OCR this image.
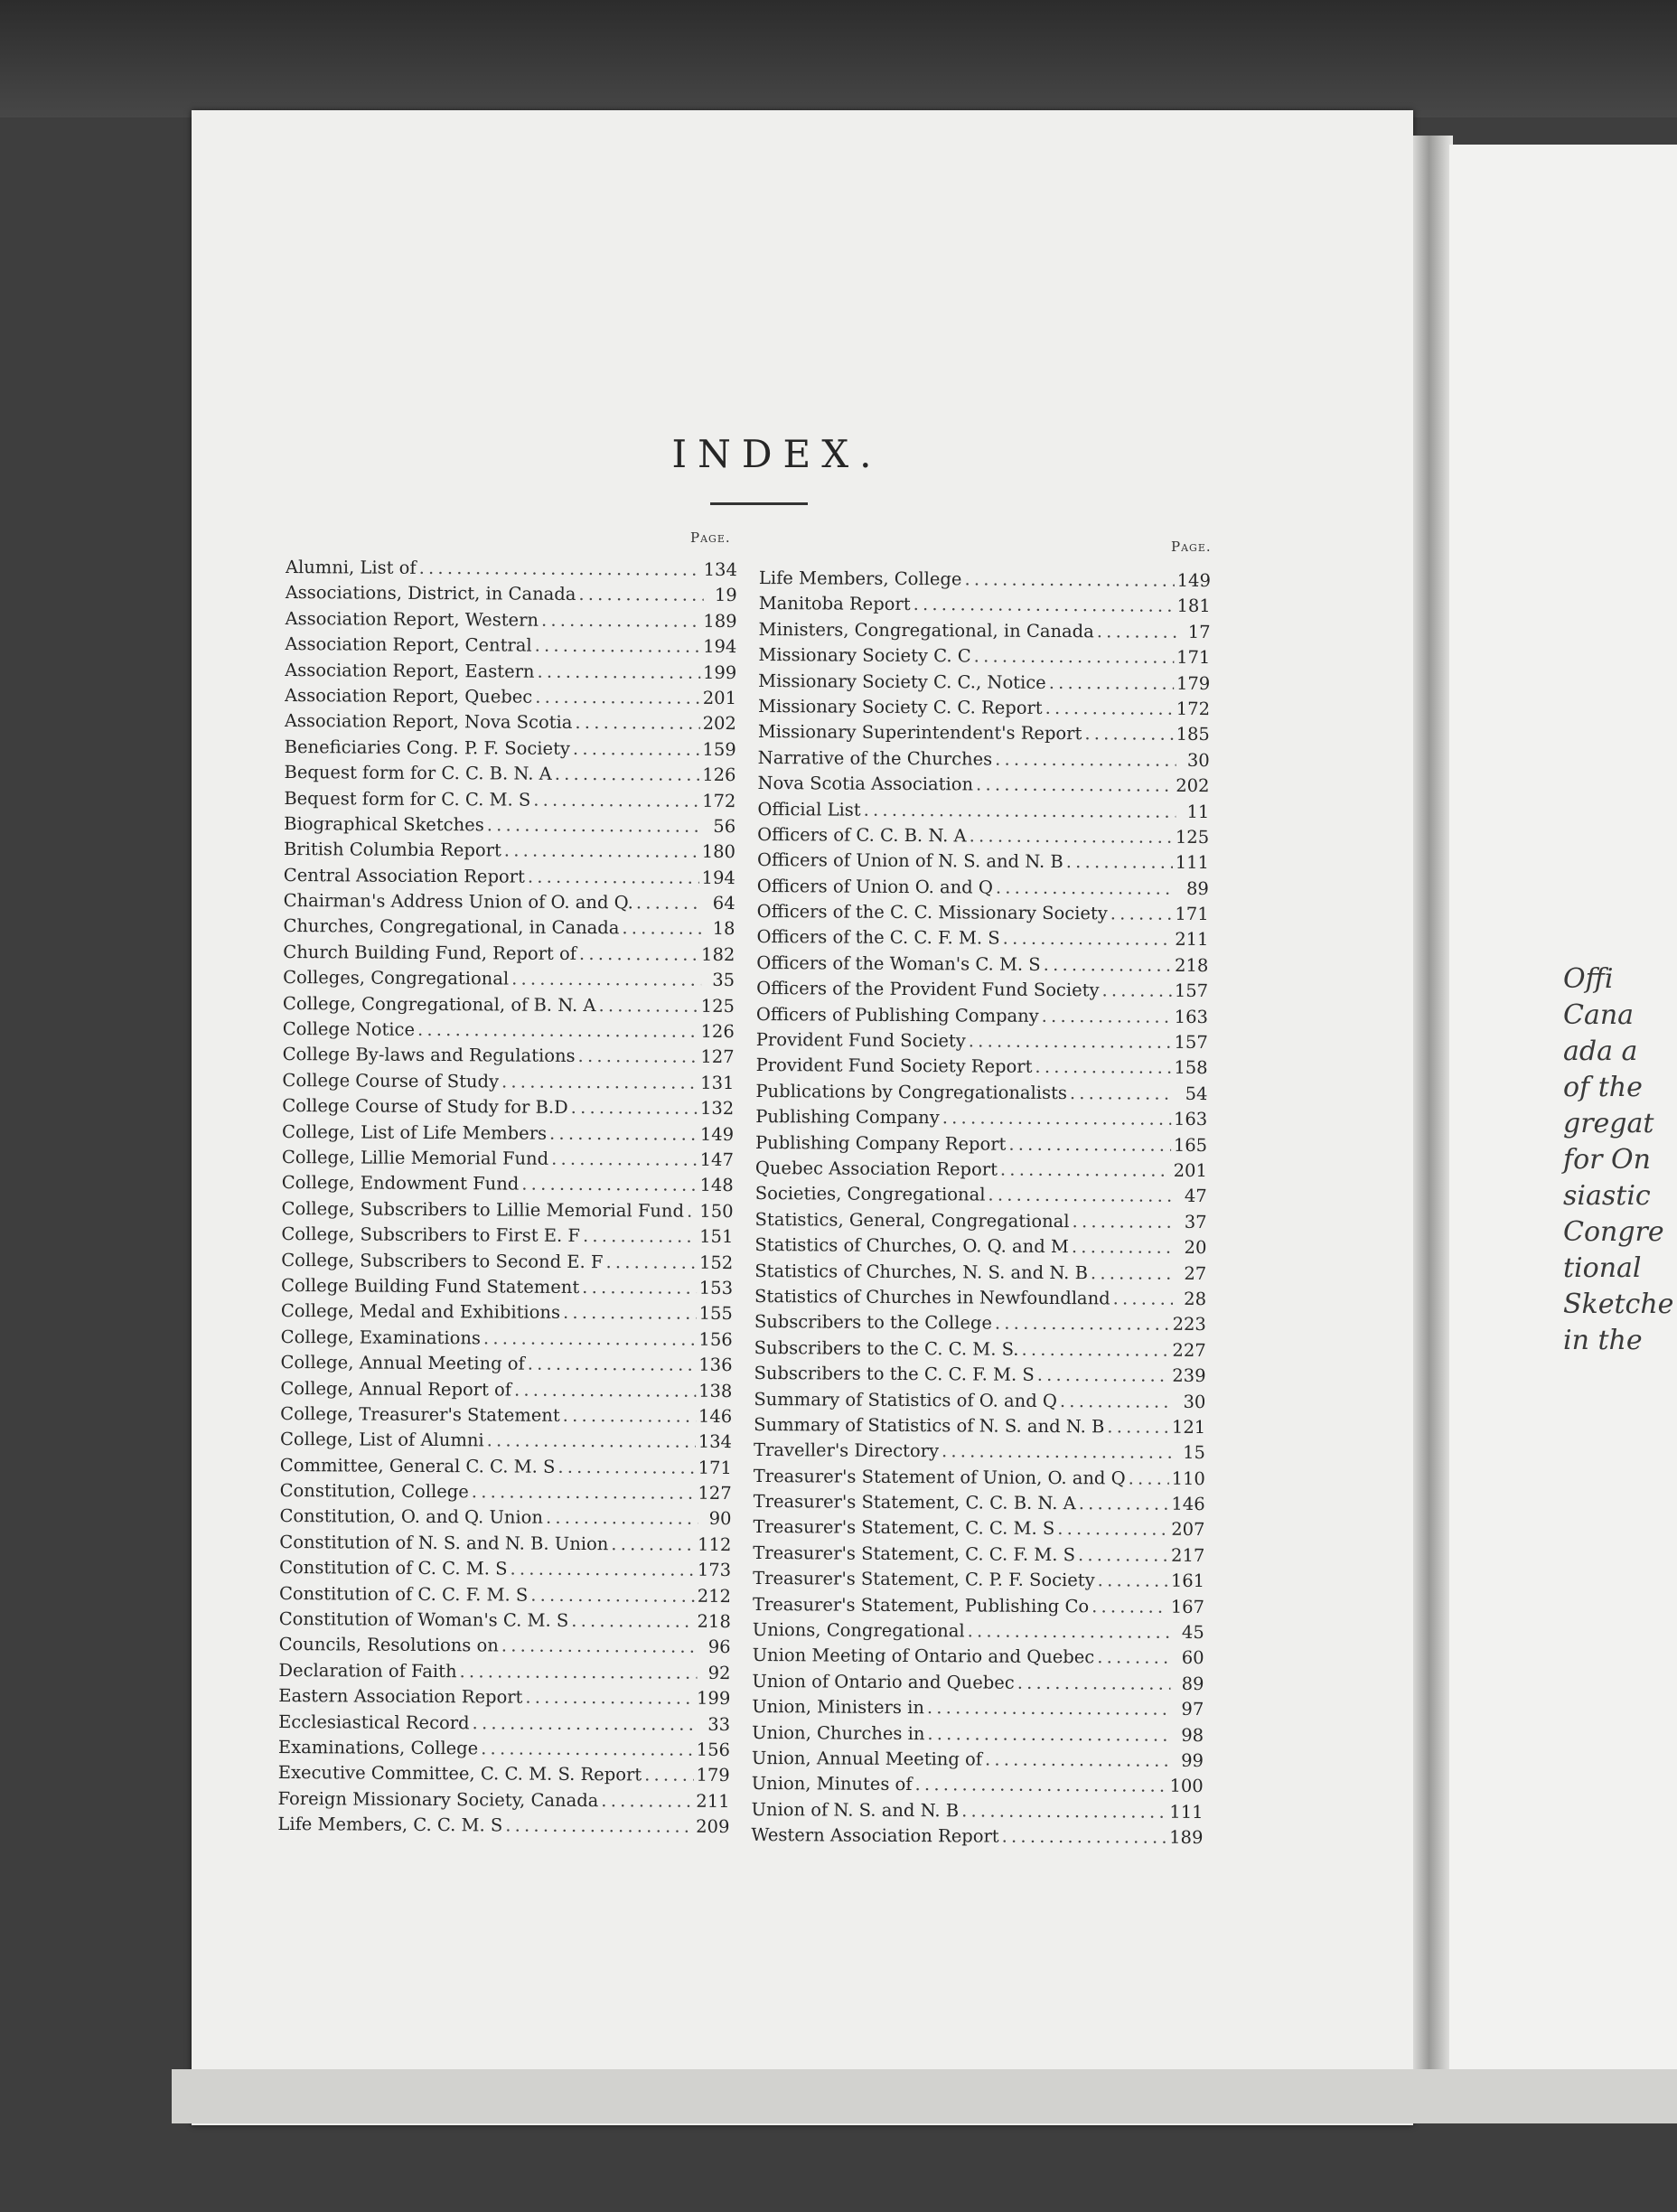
INDEX.
Page.
Page.
Alumni, List of . . .	134
Associations, District, in Canada . . .	19
Association Report, Western . . .	189
Association Report, Central . . .	194
Association Report, Eastern . . .	199
Association Report, Quebec . . .	201
Association Report, Nova Scotia . . .	202
Beneficiaries Cong. P. F. Society . . .	159
Bequest form for C. C. B. N. A . . .	126
Bequest form for C. C. M. S . . .	172
Biographical Sketches . . .	56
British Columbia Report . . .	180
Central Association Report . . .	194
Chairman's Address Union of O. and Q. . . .	64
Churches, Congregational, in Canada . . .	18
Church Building Fund, Report of . . .	182
Colleges, Congregational . . .	35
College, Congregational, of B. N. A . . .	125
College Notice . . .	126
College By-laws and Regulations . . .	127
College Course of Study . . .	131
College Course of Study for B.D . . .	132
College, List of Life Members . . .	149
College, Lillie Memorial Fund . . .	147
College, Endowment Fund . . .	148
College, Subscribers to Lillie Memorial Fund . . . 150
College, Subscribers to First E. F . . .	151
College, Subscribers to Second E. F . . .	152
College Building Fund Statement . . .	153
College, Medal and Exhibitions . . .	155
College, Examinations . . .	156
College, Annual Meeting of . . .	136
College, Annual Report of . . .	138
College, Treasurer's Statement . . .	146
College, List of Alumni . . .	134
Committee, General C. C. M. S . . .	171
Constitution, College . . .	127
Constitution, O. and Q. Union . . .	90
Constitution of N. S. and N. B. Union . . .	112
Constitution of C. C. M. S . . .	173
Constitution of C. C. F. M. S . . .	212
Constitution of Woman's C. M. S . . .	218
Councils, Resolutions on . . .	96
Declaration of Faith . . .	92
Eastern Association Report . . .	199
Ecclesiastical Record . . .	33
Examinations, College . . .	156
Executive Committee, C. C. M. S. Report . . .	179
Foreign Missionary Society, Canada . . .	211
Life Members, C. C. M. S . . .	209
Life Members, College . . .	149
Manitoba Report . . .	181
Ministers, Congregational, in Canada . . .	17
Missionary Society C. C . . .	171
Missionary Society C. C., Notice . . .	179
Missionary Society C. C. Report . . .	172
Missionary Superintendent's Report . . .	185
Narrative of the Churches . . .	30
Nova Scotia Association . . .	202
Official List . . .	11
Officers of C. C. B. N. A . . .	125
Officers of Union of N. S. and N. B . . .	111
Officers of Union O. and Q . . .	89
Officers of the C. C. Missionary Society . . .	171
Officers of the C. C. F. M. S . . .	211
Officers of the Woman's C. M. S . . .	218
Officers of the Provident Fund Society . . .	157
Officers of Publishing Company . . .	163
Provident Fund Society . . .	157
Provident Fund Society Report . . .	158
Publications by Congregationalists . . .	54
Publishing Company . . .	163
Publishing Company Report . . .	165
Quebec Association Report . . .	201
Societies, Congregational . . .	47
Statistics, General, Congregational . . .	37
Statistics of Churches, O. Q. and M . . .	20
Statistics of Churches, N. S. and N. B . . .	27
Statistics of Churches in Newfoundland . . .	28
Subscribers to the College . . .	223
Subscribers to the C. C. M. S. . . .	227
Subscribers to the C. C. F. M. S . . .	239
Summary of Statistics of O. and Q . . .	30
Summary of Statistics of N. S. and N. B . . .	121
Traveller's Directory . . .	15
Treasurer's Statement of Union, O. and Q . . .	110
Treasurer's Statement, C. C. B. N. A . . .	146
Treasurer's Statement, C. C. M. S . . .	207
Treasurer's Statement, C. C. F. M. S . . .	217
Treasurer's Statement, C. P. F. Society . . .	161
Treasurer's Statement, Publishing Co . . .	167
Unions, Congregational . . .	45
Union Meeting of Ontario and Quebec . . .	60
Union of Ontario and Quebec . . .	89
Union, Ministers in . . .	97
Union, Churches in . . .	98
Union, Annual Meeting of . . .	99
Union, Minutes of . . .	100
Union of N. S. and N. B . . .	111
Western Association Report . . .	189
Offi
Cana
ada a
of the
gregat
for On
siastic
Congre
tional
Sketche
in the
